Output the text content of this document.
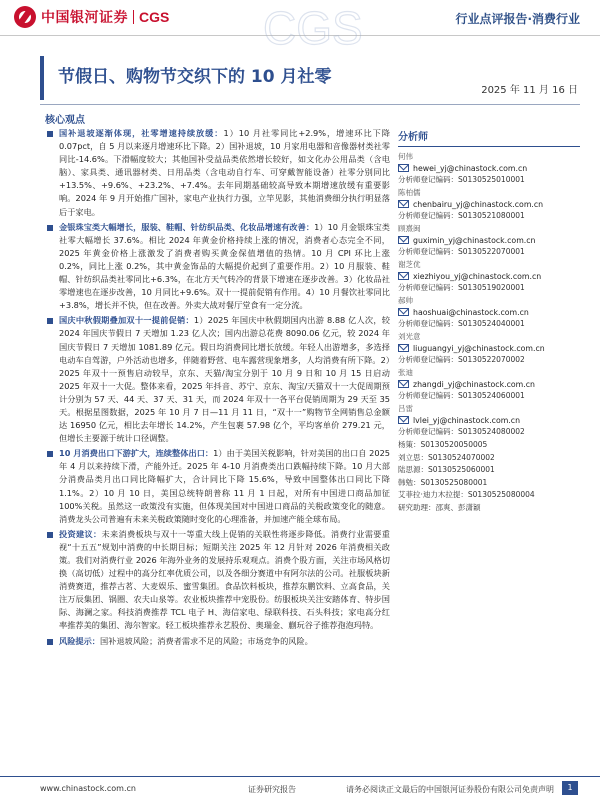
中国银河证券 CGS CGS	行业点评报告·消费行业
节假日、购物节交织下的 10 月社零
2025 年 11 月 16 日
核心观点
国补退坡逐渐体现，社零增速持续放缓：1）10 月社零同比+2.9%，增速环比下降 0.07pct，自 5 月以来逐月增速环比下降。2）国补退坡，10 月家用电器和音像器材类社零同比-14.6%。下滑幅度较大；其他国补受益品类依然增长较好，如文化办公用品类（含电脑）、家具类、通讯器材类、日用品类（含电动自行车、可穿戴智能设备）社零分别同比+13.5%、+9.6%、+23.2%、+7.4%。去年同期基础较高导致本期增速放缓有重要影响。2024 年 9 月开始推广国补，家电产业执行力强，立竿见影，其他消费细分执行明显落后于家电。
金银珠宝类大幅增长，服装、鞋帽、针纺织品类、化妆品增速有改善：1）10 月金银珠宝类社零大幅增长 37.6%。相比 2024 年黄金价格持续上涨的情况，消费者心态完全不同，2025 年黄金价格上涨激发了消费者购买黄金保值增值的热情。10 月 CPI 环比上涨 0.2%，同比上涨 0.2%，其中黄金饰品的大幅提价起到了重要作用。2）10 月服装、鞋帽、针纺织品类社零同比+6.3%，在北方天气转冷的背景下增速在逐步改善。3）化妆品社零增速也在逐步改善，10 月同比+9.6%。双十一提前促销有作用。4）10 月餐饮社零同比+3.8%，增长并不快，但在改善。外卖大战对餐厅堂食有一定分流。
国庆中秋假期叠加双十一提前促销：1）2025 年国庆中秋假期国内出游 8.88 亿人次，较 2024 年国庆节假日 7 天增加 1.23 亿人次；国内出游总花费 8090.06 亿元，较 2024 年国庆节假日 7 天增加 1081.89 亿元。假日均消费同比增长放缓。年轻人出游增多，多选择电动车自驾游，户外活动也增多，伴随着野营、电车露营现象增多，人均消费有所下降。2）2025 年双十一预售启动较早，京东、天猫/淘宝分别于 10 月 9 日和 10 月 15 日启动 2025 年双十一大促。整体来看，2025 年抖音、苏宁、京东、淘宝/天猫双十一大促周期预计分别为 57 天、44 天、37 天、31 天，而 2024 年双十一各平台促销周期为 29 天至 35 天。根据星图数据，2025 年 10 月 7 日—11 月 11 日，“双十一”购物节全网销售总金额达 16950 亿元，相比去年增长 14.2%，产生包裹 57.98 亿个，平均客单价 279.21 元，但增长主要源于统计口径调整。
10 月消费出口下游扩大，连续整体出口：1）由于美国关税影响，针对美国的出口自 2025 年 4 月以来持续下滑，产能外迁。2025 年 4-10 月消费类出口跌幅持续下降。10 月大部分消费品类月出口同比降幅扩大，合计同比下降 15.6%，导致中国整体出口同比下降 1.1%。2）10 月 10 日，美国总统特朗普称 11 月 1 日起，对所有中国进口商品加征 100%关税。虽然这一政策没有实施，但体现美国对中国进口商品的关税政策变化的随意。消费龙头公司普遍有未来关税政策随时变化的心理准备，并加速产能全球布局。
投资建议：未来消费板块与双十一等重大线上促销的关联性将逐步降低。消费行业需要重视“十五五”规划中消费的中长期目标；短期关注 2025 年 12 月针对 2026 年消费相关政策。我们对消费行业 2026 年海外业务的发展持乐观观点。消费个股方面，关注市场风格切换（高切低）过程中的高分红率优质公司，以及各细分赛道中有阿尔法的公司。社服板块新消费赛道，推荐古茗、大麦娱乐、蜜雪集团。食品饮料板块，推荐东鹏饮料、立高食品，关注万辰集团、锅圈、农夫山泉等。农业板块推荐中宠股份。纺服板块关注安踏体育、特步国际、海澜之家。科技消费推荐 TCL 电子 H、海信家电、绿联科技、石头科技；家电高分红率推荐美的集团、海尔智家。轻工板块推荐永艺股份、奥瑞金、蒯玩谷子推荐孢泡玛特。
风险提示：国补退坡风险；消费者需求不足的风险；市场竞争的风险。
分析师
何伟
hewei_yj@chinastock.com.cn
分析师登记编码：S0130525010001
陈柏儒
chenbairu_yj@chinastock.com.cn
分析师登记编码：S0130521080001
顾熹闽
guximin_yj@chinastock.com.cn
分析师登记编码：S0130522070001
谢芝优
xiezhiyou_yj@chinastock.com.cn
分析师登记编码：S0130519020001
郝帅
haoshuai@chinastock.com.cn
分析师登记编码：S0130524040001
刘光意
liuguangyi_yj@chinastock.com.cn
分析师登记编码：S0130522070002
张迪
zhangdi_yj@chinastock.com.cn
分析师登记编码：S0130524060001
吕雷
lvlei_yj@chinastock.com.cn
分析师登记编码：S0130524080002
杨策：S0130520050005
刘立思：S0130524070002
陆思源：S0130525060001
韩勉：S0130525080001
艾菲拉·迪力木拉提：S0130525080004
研究助理：邵爽、彭潇颖
www.chinastock.com.cn	证券研究报告	请务必阅读正文最后的中国银河证券股份有限公司免责声明	1
